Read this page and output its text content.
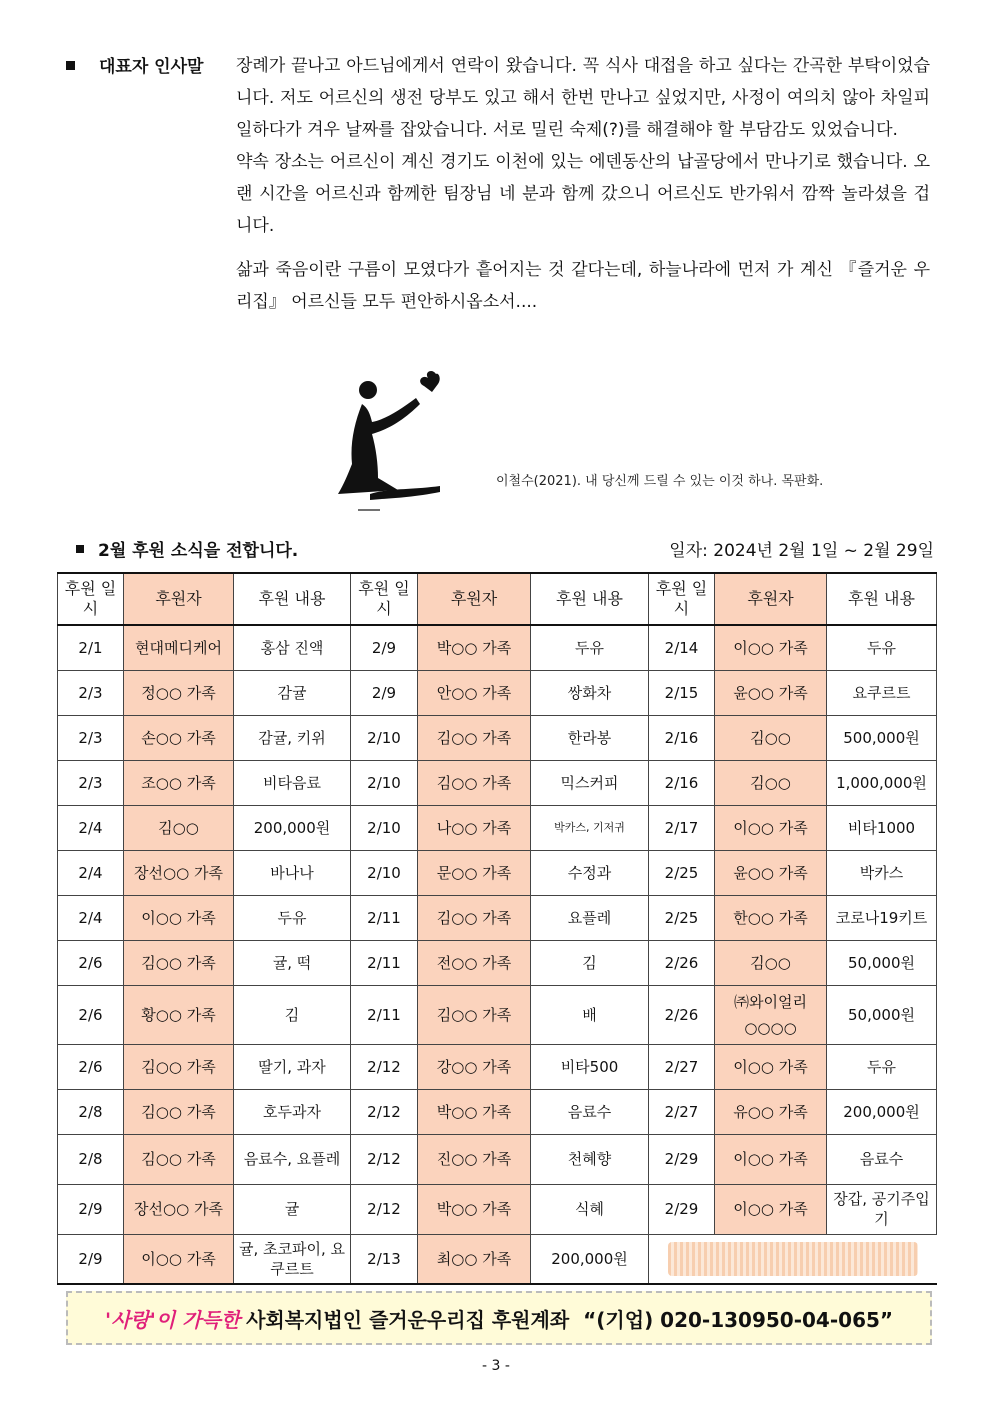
대표자 인사말 장례가 끝나고 아드님에게서 연락이 왔습니다. 꼭 식사 대접을 하고 싶다는 간곡한 부탁이었습니다. 저도 어르신의 생전 당부도 있고 해서 한번 만나고 싶었지만, 사정이 여의치 않아 차일피일하다가 겨우 날짜를 잡았습니다. 서로 밀린 숙제(?)를 해결해야 할 부담감도 있었습니다.

약속 장소는 어르신이 계신 경기도 이천에 있는 에덴동산의 납골당에서 만나기로 했습니다. 오랜 시간을 어르신과 함께한 팀장님 네 분과 함께 갔으니 어르신도 반가워서 깜짝 놀라셨을 겁니다.

삶과 죽음이란 구름이 모였다가 흩어지는 것 같다는데, 하늘나라에 먼저 가 계신 『즐거운 우리집』 어르신들 모두 편안하시옵소서....

이철수(2021). 내 당신께 드릴 수 있는 이것 하나. 목판화.
2월 후원 소식을 전합니다.	일자: 2024년 2월 1일 ~ 2월 29일
후원 일시	후원자	후원 내용	후원 일시	후원자	후원 내용	후원 일시	후원자	후원 내용
2/1	현대메디케어	홍삼 진액	2/9	박○○ 가족	두유	2/14	이○○ 가족	두유
2/3	정○○ 가족	감귤	2/9	안○○ 가족	쌍화차	2/15	윤○○ 가족	요쿠르트
2/3	손○○ 가족	감귤, 키위	2/10	김○○ 가족	한라봉	2/16	김○○	500,000원
2/3	조○○ 가족	비타음료	2/10	김○○ 가족	믹스커피	2/16	김○○	1,000,000원
2/4	김○○	200,000원	2/10	나○○ 가족	박카스, 기저귀	2/17	이○○ 가족	비타1000
2/4	장선○○ 가족	바나나	2/10	문○○ 가족	수정과	2/25	윤○○ 가족	박카스
2/4	이○○ 가족	두유	2/11	김○○ 가족	요플레	2/25	한○○ 가족	코로나19키트
2/6	김○○ 가족	귤, 떡	2/11	전○○ 가족	김	2/26	김○○	50,000원
2/6	황○○ 가족	김	2/11	김○○ 가족	배	2/26	㈜와이얼리 ○○○○	50,000원
2/6	김○○ 가족	딸기, 과자	2/12	강○○ 가족	비타500	2/27	이○○ 가족	두유
2/8	김○○ 가족	호두과자	2/12	박○○ 가족	음료수	2/27	유○○ 가족	200,000원
2/8	김○○ 가족	음료수, 요플레	2/12	진○○ 가족	천혜향	2/29	이○○ 가족	음료수
2/9	장선○○ 가족	귤	2/12	박○○ 가족	식혜	2/29	이○○ 가족	장갑, 공기주입기
2/9	이○○ 가족	귤, 초코파이, 요쿠르트	2/13	최○○ 가족	200,000원			
'사랑'이 가득한 사회복지법인 즐거운우리집 후원계좌 “(기업) 020-130950-04-065”
- 3 -
